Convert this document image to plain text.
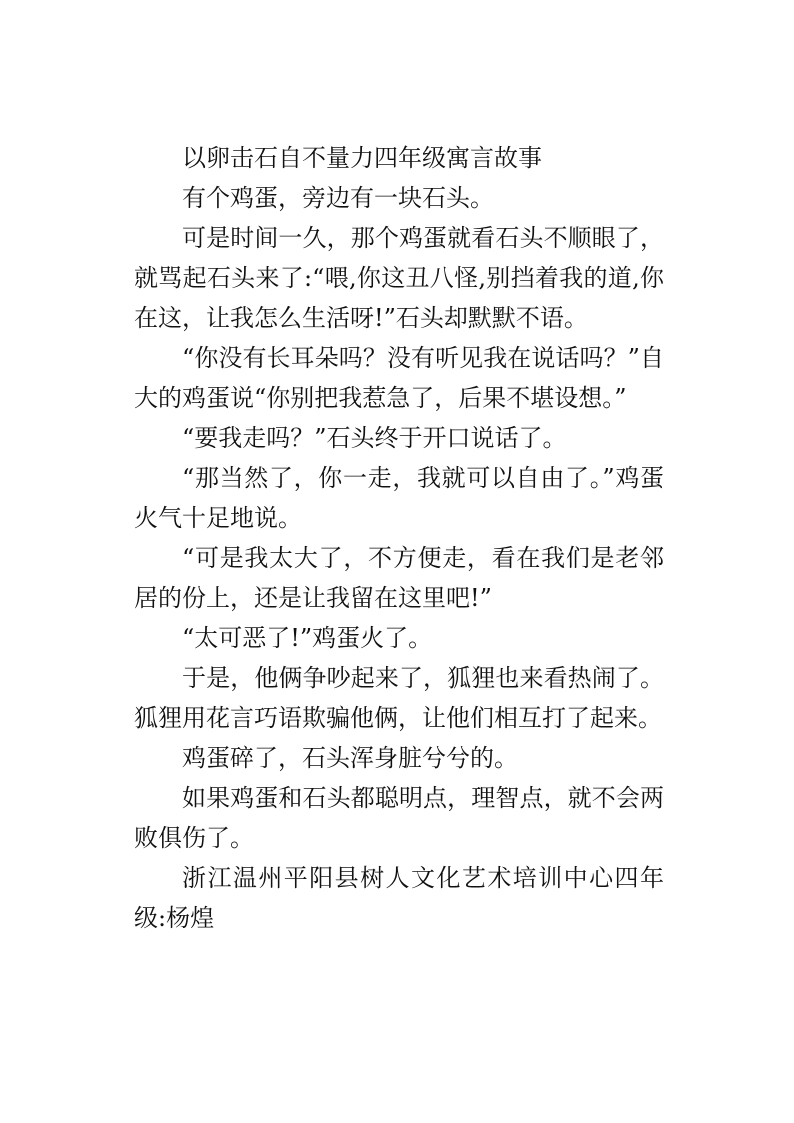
以卵击石自不量力四年级寓言故事

有个鸡蛋，旁边有一块石头。

可是时间一久，那个鸡蛋就看石头不顺眼了，就骂起石头来了:“喂,你这丑八怪,别挡着我的道,你在这，让我怎么生活呀!”石头却默默不语。

“你没有长耳朵吗？没有听见我在说话吗？”自大的鸡蛋说“你别把我惹急了，后果不堪设想。”

“要我走吗？”石头终于开口说话了。

“那当然了，你一走，我就可以自由了。”鸡蛋火气十足地说。

“可是我太大了，不方便走，看在我们是老邻居的份上，还是让我留在这里吧!”

“太可恶了!”鸡蛋火了。

于是，他俩争吵起来了，狐狸也来看热闹了。狐狸用花言巧语欺骗他俩，让他们相互打了起来。

鸡蛋碎了，石头浑身脏兮兮的。

如果鸡蛋和石头都聪明点，理智点，就不会两败俱伤了。

浙江温州平阳县树人文化艺术培训中心四年级:杨煌
